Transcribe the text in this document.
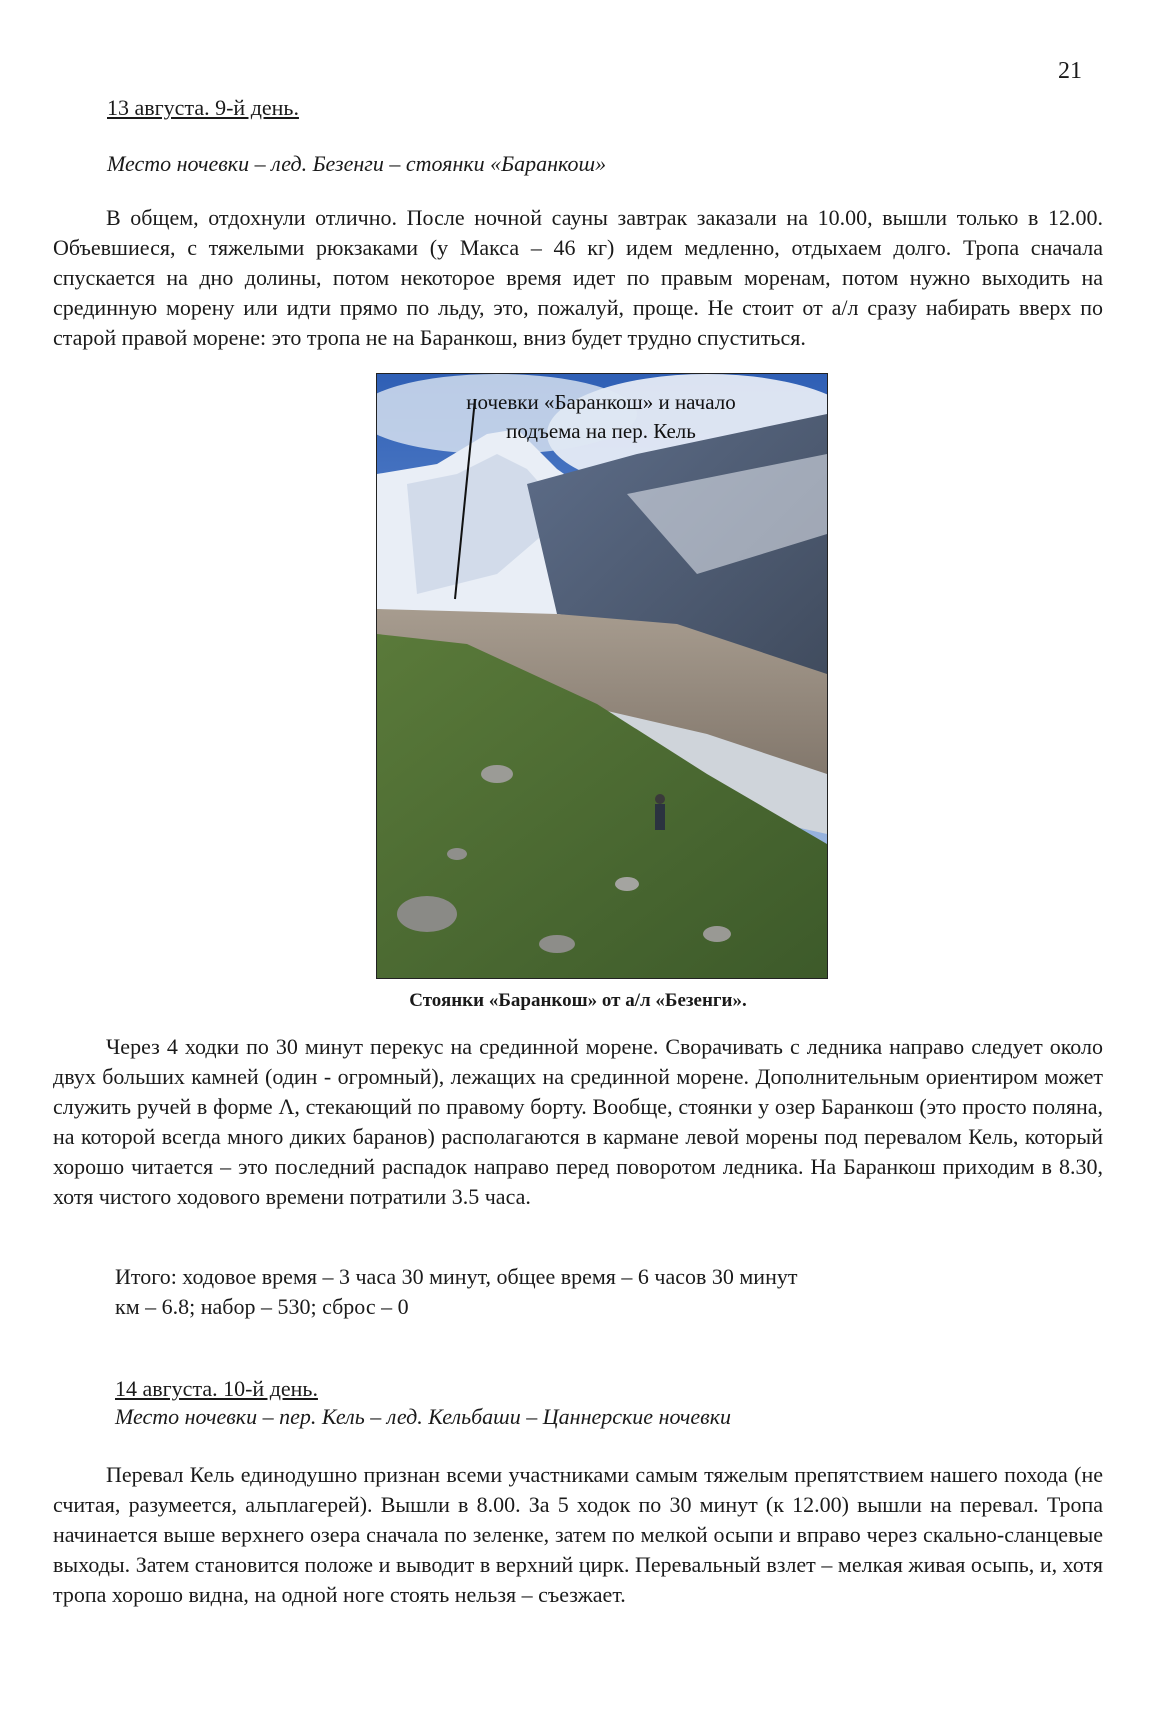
21
13 августа. 9-й день.
Место ночевки – лед. Безенги – стоянки «Баранкош»
В общем, отдохнули отлично. После ночной сауны завтрак заказали на 10.00, вышли только в 12.00. Объевшиеся, с тяжелыми рюкзаками (у Макса – 46 кг) идем медленно, отдыхаем долго. Тропа сначала спускается на дно долины, потом некоторое время идет по правым моренам, потом нужно выходить на срединную морену или идти прямо по льду, это, пожалуй, проще. Не стоит от а/л сразу набирать вверх по старой правой морене: это тропа не на Баранкош, вниз будет трудно спуститься.
ночевки «Баранкош» и начало
подъема на пер. Кель
Стоянки «Баранкош» от а/л «Безенги».
Через 4 ходки по 30 минут перекус на срединной морене. Сворачивать с ледника направо следует около двух больших камней (один - огромный), лежащих на срединной морене. Дополнительным ориентиром может служить ручей в форме Λ, стекающий по правому борту. Вообще, стоянки у озер Баранкош (это просто поляна, на которой всегда много диких баранов) располагаются в кармане левой морены под перевалом Кель, который хорошо читается – это последний распадок направо перед поворотом ледника. На Баранкош приходим в 8.30, хотя чистого ходового времени потратили 3.5 часа.
Итого: ходовое время – 3 часа 30 минут, общее время – 6 часов 30 минут
км – 6.8; набор – 530; сброс – 0
14 августа. 10-й день.
Место ночевки – пер. Кель – лед. Кельбаши – Цаннерские ночевки
Перевал Кель единодушно признан всеми участниками самым тяжелым препятствием нашего похода (не считая, разумеется, альплагерей). Вышли в 8.00. За 5 ходок по 30 минут (к 12.00) вышли на перевал. Тропа начинается выше верхнего озера сначала по зеленке, затем по мелкой осыпи и вправо через скально-сланцевые выходы. Затем становится положе и выводит в верхний цирк. Перевальный взлет – мелкая живая осыпь, и, хотя тропа хорошо видна, на одной ноге стоять нельзя – съезжает.
